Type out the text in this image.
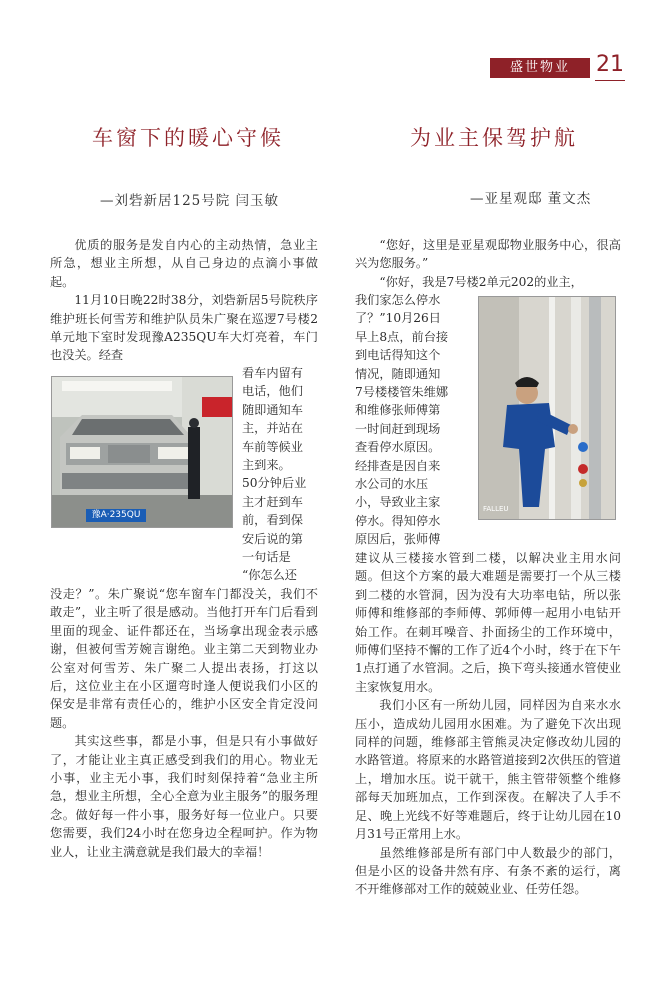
盛世物业	21
车窗下的暖心守候
—刘砦新居125号院 闫玉敏

优质的服务是发自内心的主动热情，急业主所急，想业主所想，从自己身边的点滴小事做起。

11月10日晚22时38分，刘砦新居5号院秩序维护班长何雪芳和维护队员朱广聚在巡逻7号楼2单元地下室时发现豫A235QU车大灯亮着，车门也没关。经查

豫A·235QU

看车内留有

电话，他们

随即通知车

主，并站在

车前等候业

主到来。

50分钟后业

主才赶到车

前，看到保

安后说的第

一句话是

“你怎么还

没走？”。朱广聚说“您车窗车门都没关，我们不敢走”，业主听了很是感动。当他打开车门后看到里面的现金、证件都还在，当场拿出现金表示感谢，但被何雪芳婉言谢绝。业主第二天到物业办公室对何雪芳、朱广聚二人提出表扬，打这以后，这位业主在小区遛弯时逢人便说我们小区的保安是非常有责任心的，维护小区安全肯定没问题。

其实这些事，都是小事，但是只有小事做好了，才能让业主真正感受到我们的用心。物业无小事，业主无小事，我们时刻保持着“急业主所急，想业主所想，全心全意为业主服务”的服务理念。做好每一件小事，服务好每一位业户。只要您需要，我们24小时在您身边全程呵护。作为物业人，让业主满意就是我们最大的幸福！

为业主保驾护航
—亚星观邸 董文杰

“您好，这里是亚星观邸物业服务中心，很高兴为您服务。”

“你好，我是7号楼2单元202的业主，

我们家怎么停水

了？”10月26日

早上8点，前台接

到电话得知这个

情况，随即通知

7号楼楼管朱维娜

和维修张师傅第

一时间赶到现场

查看停水原因。

经排查是因自来

水公司的水压

小，导致业主家

停水。得知停水

原因后，张师傅

FALLEU

建议从三楼接水管到二楼，以解决业主用水问题。但这个方案的最大难题是需要打一个从三楼到二楼的水管洞，因为没有大功率电钻，所以张师傅和维修部的李师傅、郭师傅一起用小电钻开始工作。在刺耳噪音、扑面扬尘的工作环境中，师傅们坚持不懈的工作了近4个小时，终于在下午1点打通了水管洞。之后，换下弯头接通水管使业主家恢复用水。

我们小区有一所幼儿园，同样因为自来水水压小，造成幼儿园用水困难。为了避免下次出现同样的问题，维修部主管熊灵决定修改幼儿园的水路管道。将原来的水路管道接到2次供压的管道上，增加水压。说干就干，熊主管带领整个维修部每天加班加点，工作到深夜。在解决了人手不足、晚上光线不好等难题后，终于让幼儿园在10月31号正常用上水。

虽然维修部是所有部门中人数最少的部门，但是小区的设备井然有序、有条不紊的运行，离不开维修部对工作的兢兢业业、任劳任怨。
